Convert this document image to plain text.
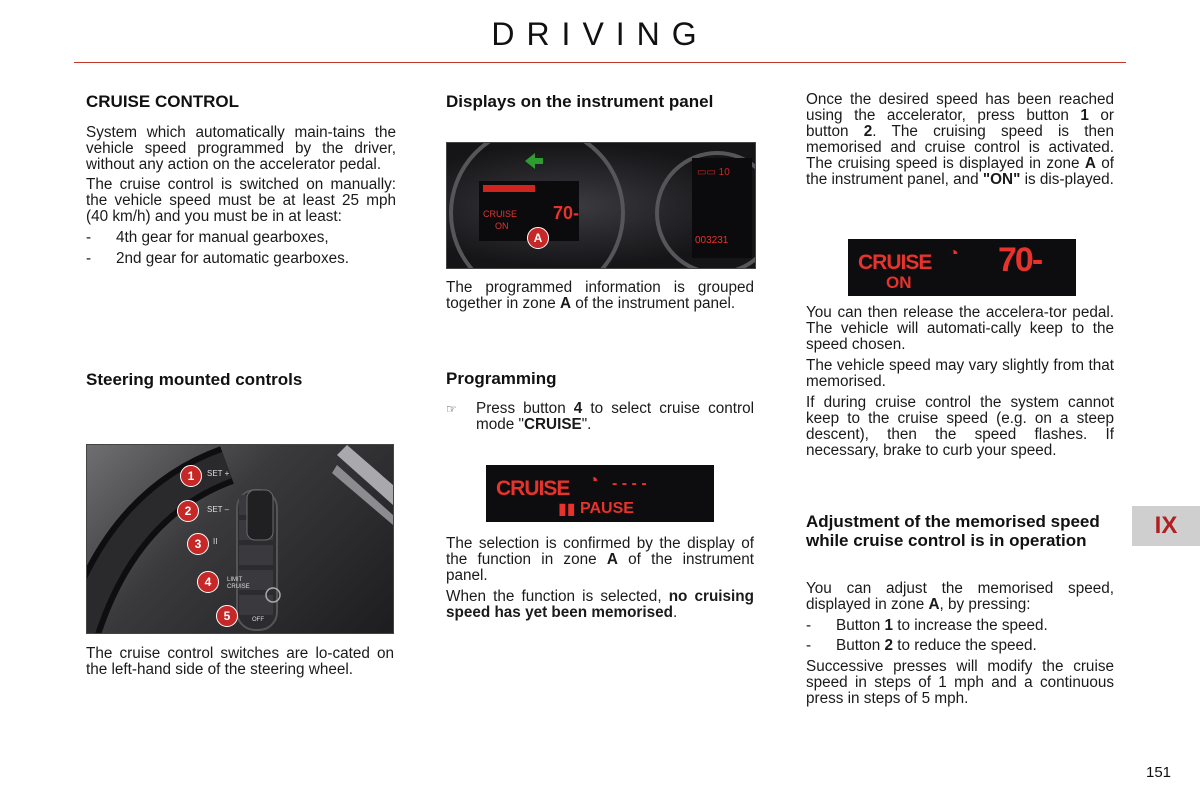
DRIVING
CRUISE CONTROL

System which automatically main-tains the vehicle speed programmed by the driver, without any action on the accelerator pedal.

The cruise control is switched on manually: the vehicle speed must be at least 25 mph (40 km/h) and you must be in at least:

-	4th gear for manual gearboxes,
-	2nd gear for automatic gearboxes.
Steering mounted controls
SET +
SET –
II
LIMIT CRUISE
OFF
1
2
3
4
5

The cruise control switches are lo-cated on the left-hand side of the steering wheel.

Displays on the instrument panel
▭▭ 10
CRUISE
ON
70-
003231
A

The programmed information is grouped together in zone A of the instrument panel.

Programming
☞	Press button 4 to select cruise control mode "CRUISE".
CRUISE ◔ - - - -
▮▮ PAUSE

The selection is confirmed by the display of the function in zone A of the instrument panel.

When the function is selected, no cruising speed has yet been memorised.

Once the desired speed has been reached using the accelerator, press button 1 or button 2. The cruising speed is then memorised and cruise control is activated. The cruising speed is displayed in zone A of the instrument panel, and "ON" is dis-played.

CRUISE ◔
ON
70-

You can then release the accelera-tor pedal. The vehicle will automati-cally keep to the speed chosen.

The vehicle speed may vary slightly from that memorised.

If during cruise control the system cannot keep to the cruise speed (e.g. on a steep descent), then the speed flashes. If necessary, brake to curb your speed.

Adjustment of the memorised speed while cruise control is in operation

You can adjust the memorised speed, displayed in zone A, by pressing:

-	Button 1 to increase the speed.
-	Button 2 to reduce the speed.

Successive presses will modify the cruise speed in steps of 1 mph and a continuous press in steps of 5 mph.

IX
151
